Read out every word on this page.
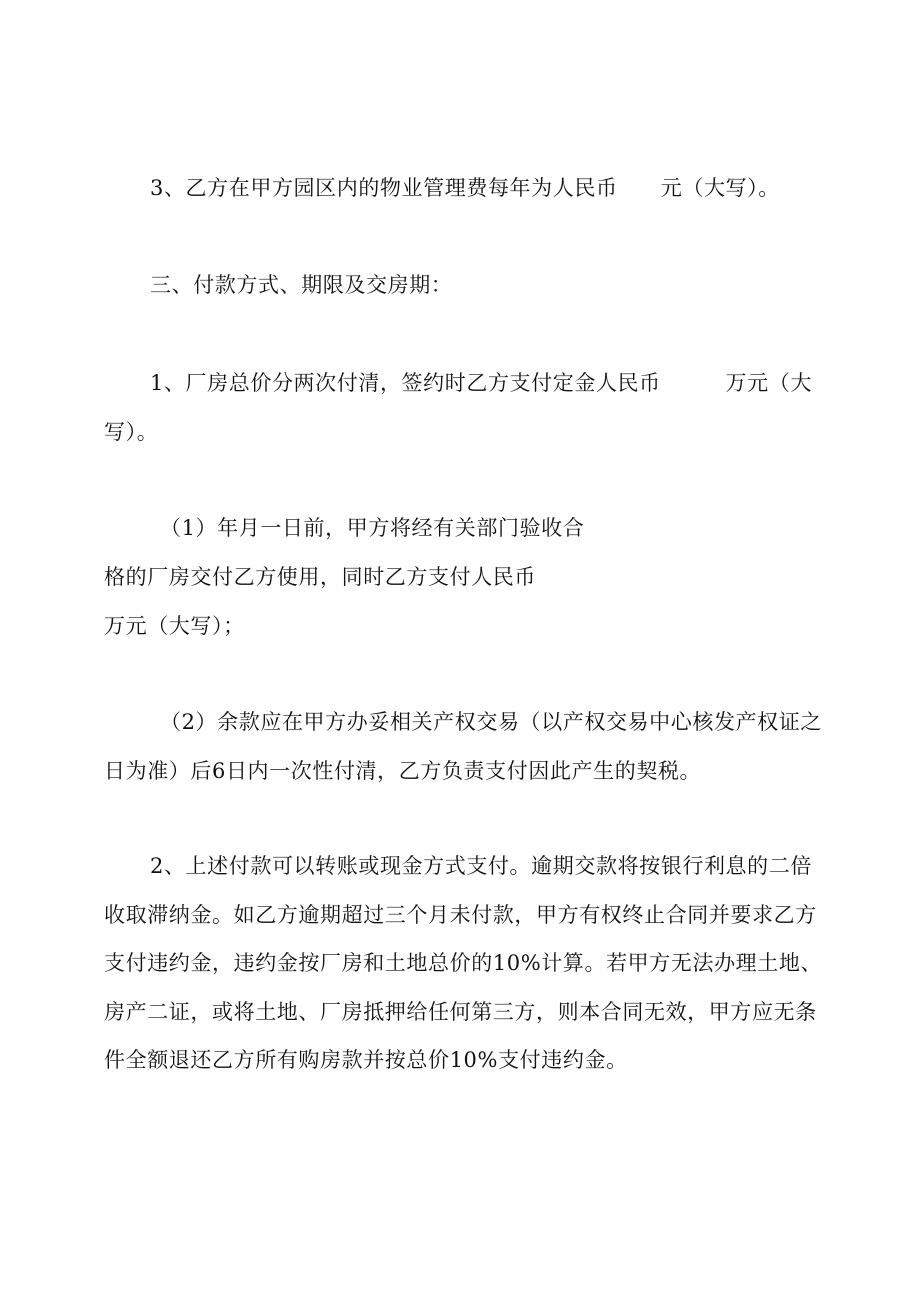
3、乙方在甲方园区内的物业管理费每年为人民币　　元（大写）。

三、付款方式、期限及交房期：

1、厂房总价分两次付清，签约时乙方支付定金人民币　　　万元（大

写）。

（1）年月一日前，甲方将经有关部门验收合

格的厂房交付乙方使用，同时乙方支付人民币

万元（大写）；

（2）余款应在甲方办妥相关产权交易（以产权交易中心核发产权证之

日为准）后6日内一次性付清，乙方负责支付因此产生的契税。

2、上述付款可以转账或现金方式支付。逾期交款将按银行利息的二倍

收取滞纳金。如乙方逾期超过三个月未付款，甲方有权终止合同并要求乙方

支付违约金，违约金按厂房和土地总价的10%计算。若甲方无法办理土地、

房产二证，或将土地、厂房抵押给任何第三方，则本合同无效，甲方应无条

件全额退还乙方所有购房款并按总价10%支付违约金。
